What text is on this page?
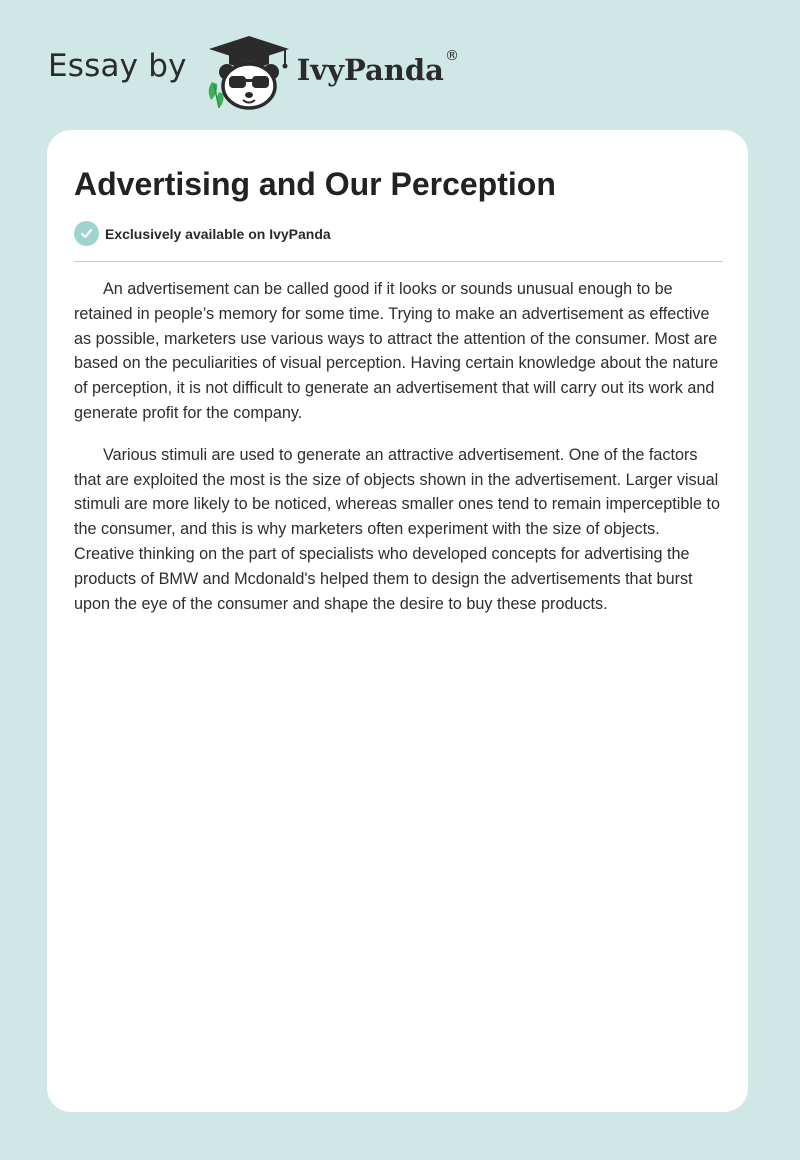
Essay by	IvyPanda ®
Advertising and Our Perception
Exclusively available on IvyPanda

An advertisement can be called good if it looks or sounds unusual enough to be retained in people’s memory for some time. Trying to make an advertisement as effective as possible, marketers use various ways to attract the attention of the consumer. Most are based on the peculiarities of visual perception. Having certain knowledge about the nature of perception, it is not difficult to generate an advertisement that will carry out its work and generate profit for the company.

Various stimuli are used to generate an attractive advertisement. One of the factors that are exploited the most is the size of objects shown in the advertisement. Larger visual stimuli are more likely to be noticed, whereas smaller ones tend to remain imperceptible to the consumer, and this is why marketers often experiment with the size of objects. Creative thinking on the part of specialists who developed concepts for advertising the products of BMW and Mcdonald's helped them to design the advertisements that burst upon the eye of the consumer and shape the desire to buy these products.
